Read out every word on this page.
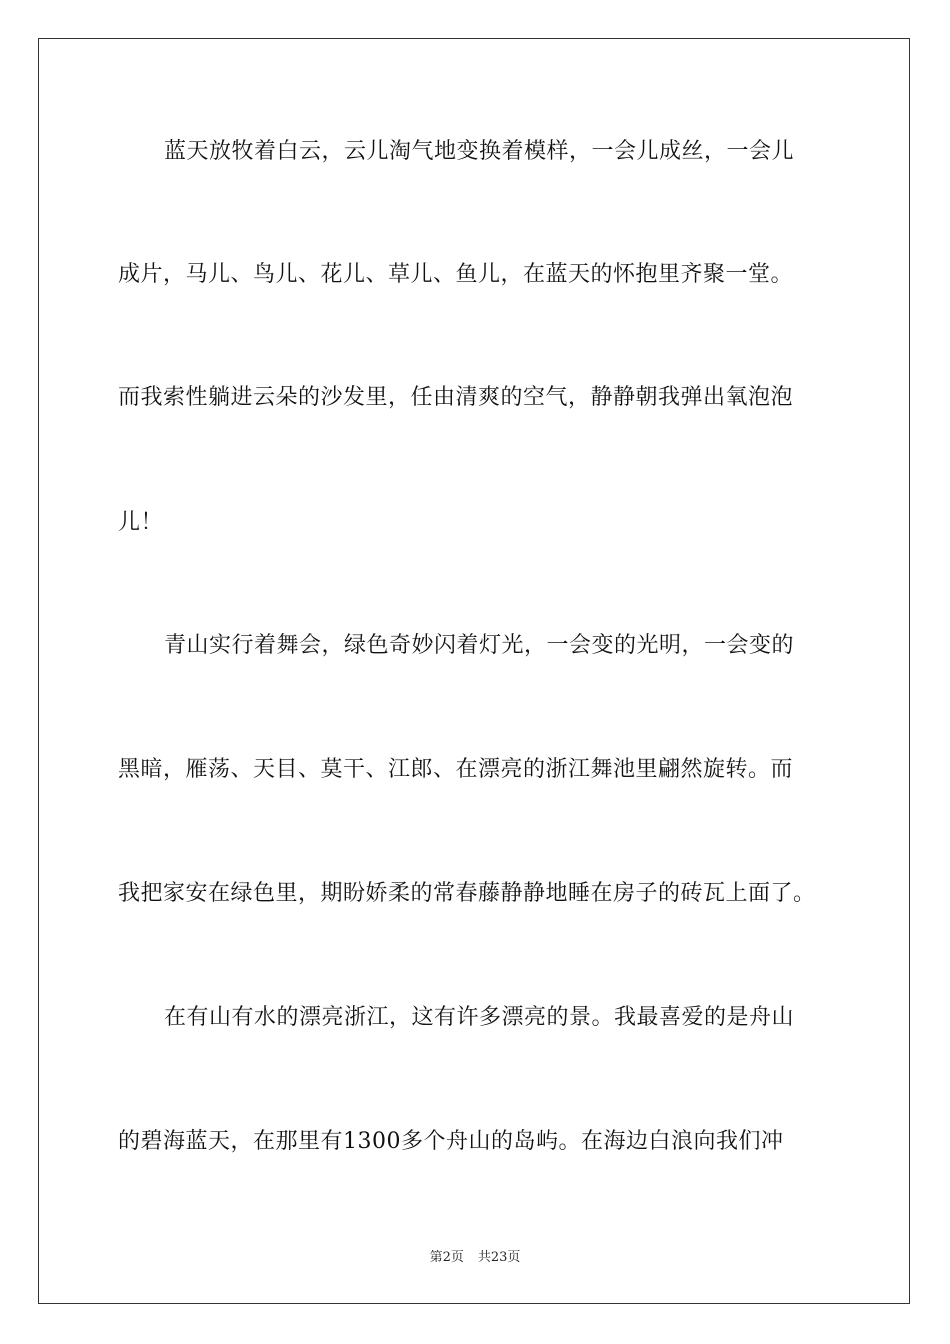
蓝天放牧着白云，云儿淘气地变换着模样，一会儿成丝，一会儿
成片，马儿、鸟儿、花儿、草儿、鱼儿，在蓝天的怀抱里齐聚一堂。
而我索性躺进云朵的沙发里，任由清爽的空气，静静朝我弹出氧泡泡
儿！
青山实行着舞会，绿色奇妙闪着灯光，一会变的光明，一会变的
黑暗，雁荡、天目、莫干、江郎、在漂亮的浙江舞池里翩然旋转。而
我把家安在绿色里，期盼娇柔的常春藤静静地睡在房子的砖瓦上面了。
在有山有水的漂亮浙江，这有许多漂亮的景。我最喜爱的是舟山
的碧海蓝天，在那里有1300多个舟山的岛屿。在海边白浪向我们冲
第2页 共23页
